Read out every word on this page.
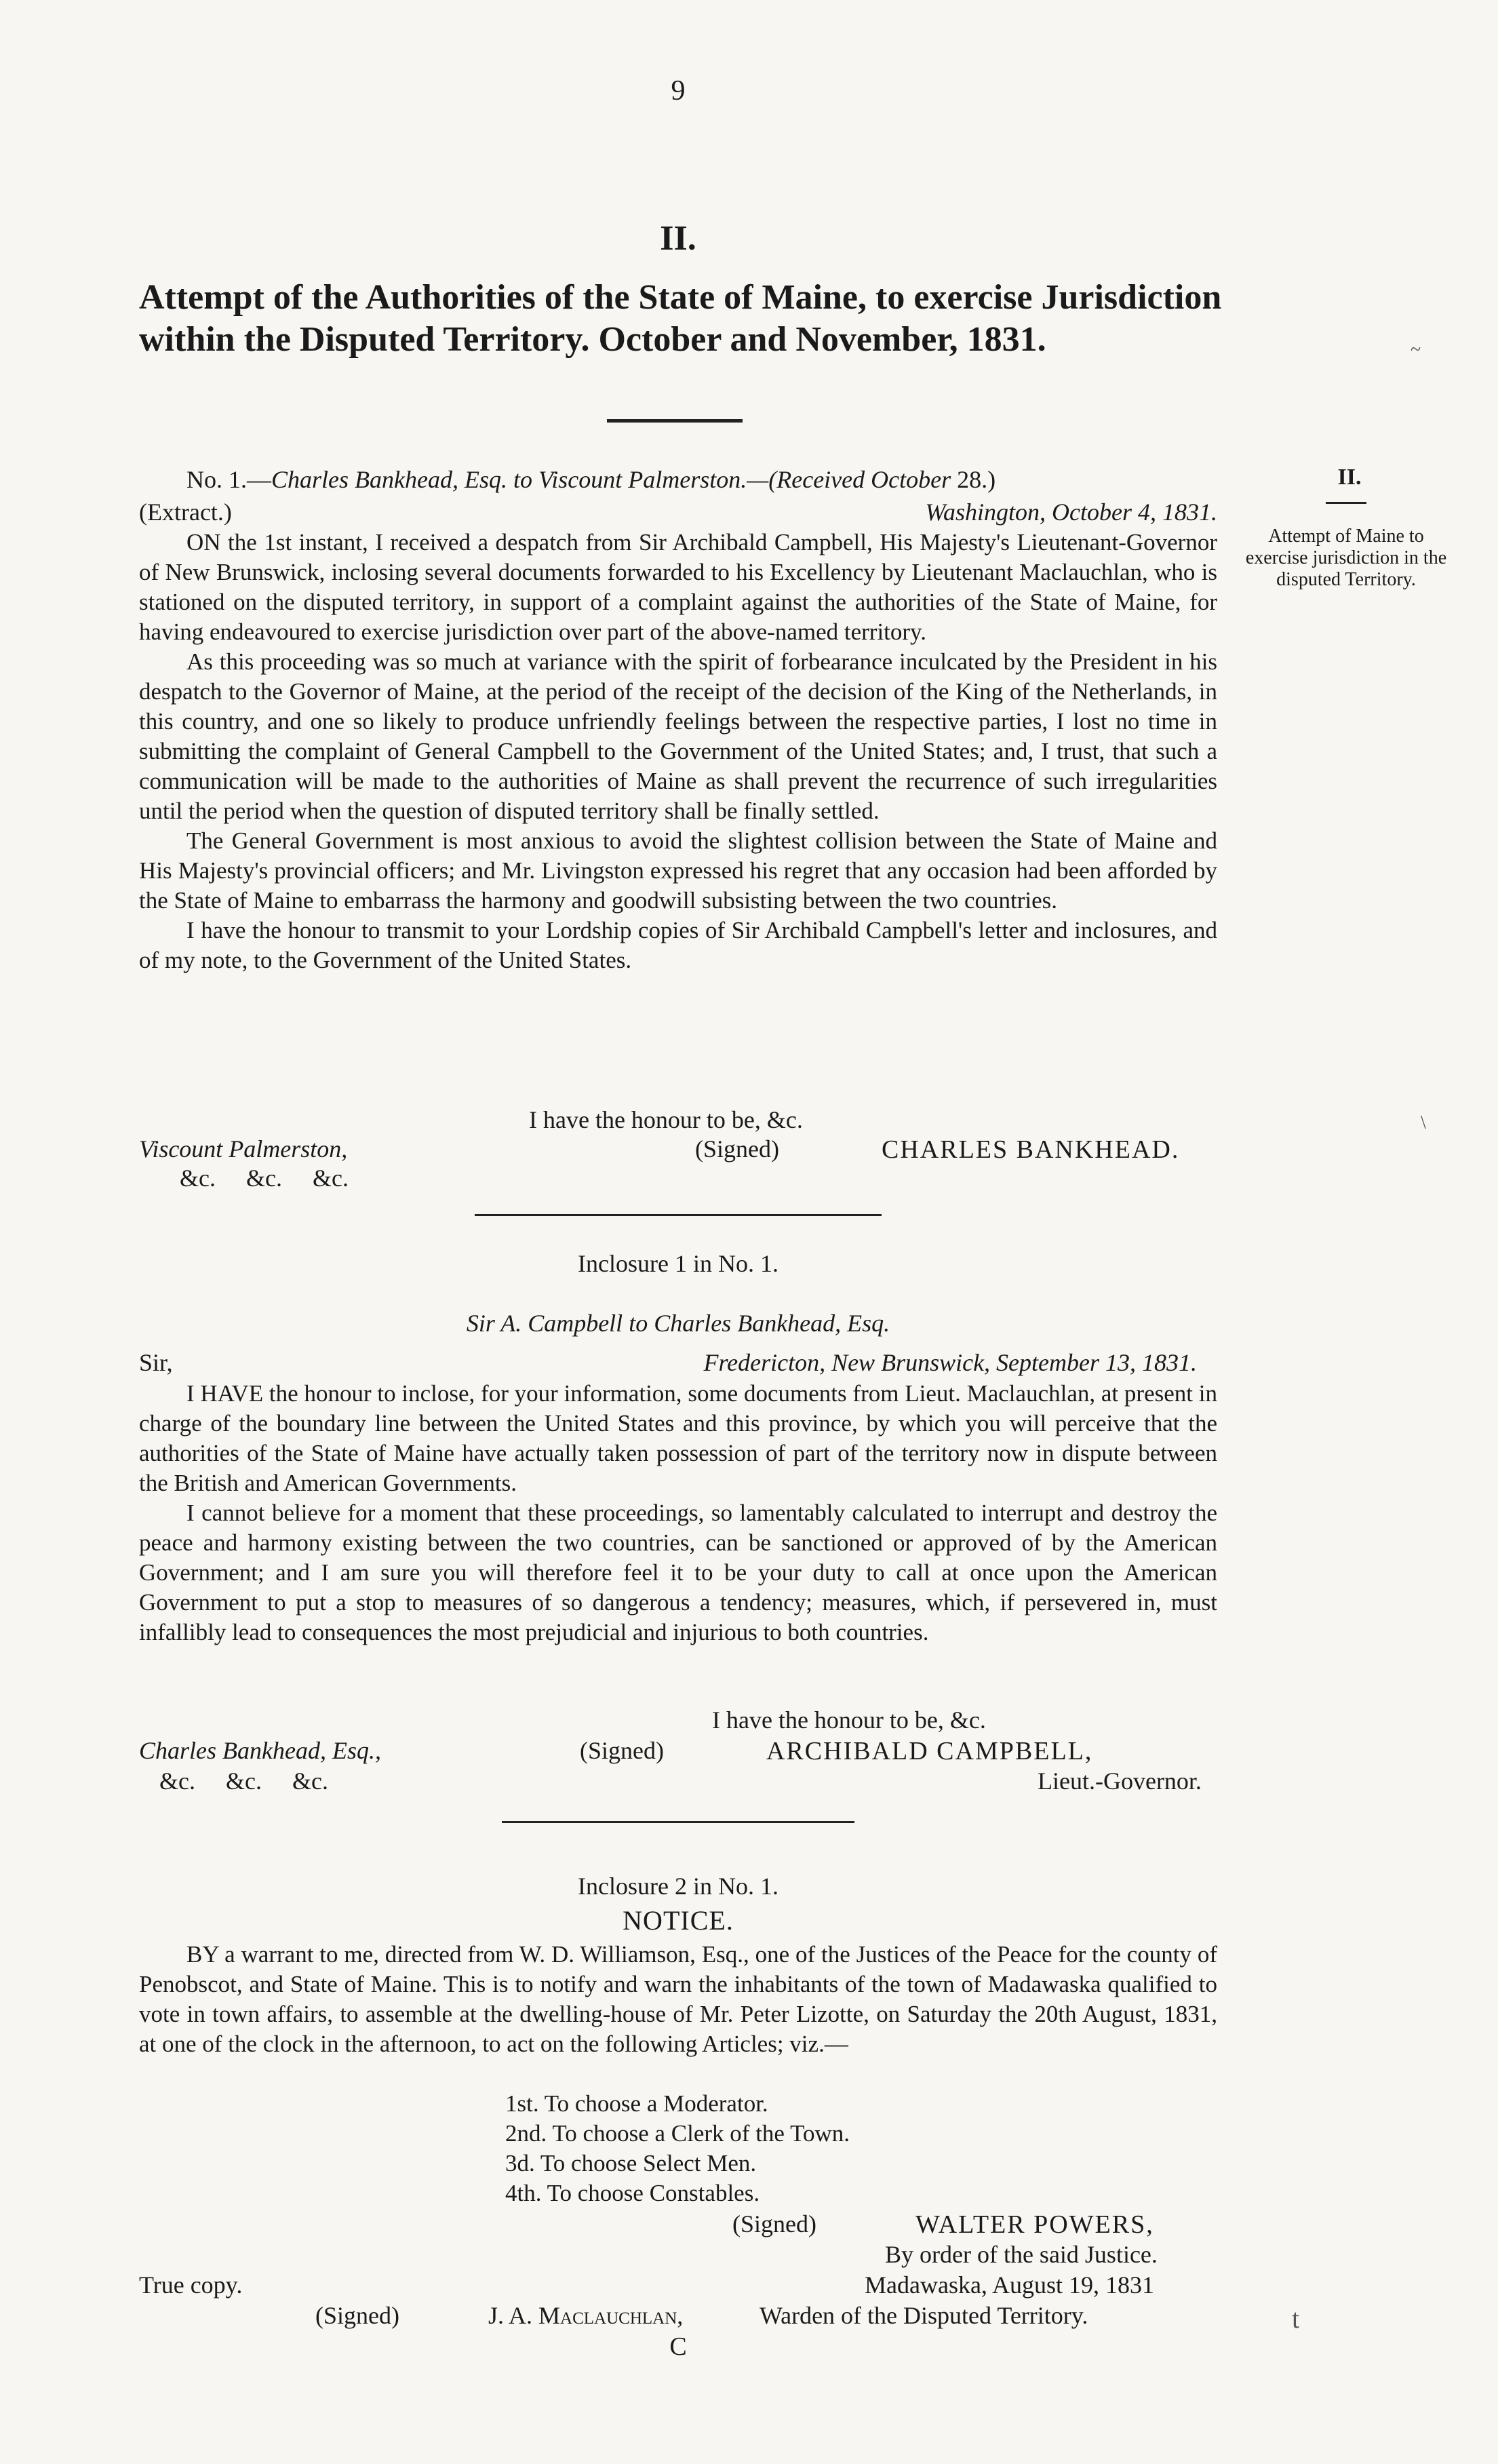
9
II.
Attempt of the Authorities of the State of Maine, to exercise Jurisdiction within the Disputed Territory. October and November, 1831.
II.
Attempt of Maine to exercise jurisdiction in the disputed Territory.
No. 1.—Charles Bankhead, Esq. to Viscount Palmerston.—(Received October 28.)
(Extract.)	Washington, October 4, 1831.
ON the 1st instant, I received a despatch from Sir Archibald Campbell, His Majesty's Lieutenant-Governor of New Brunswick, inclosing several documents forwarded to his Excellency by Lieutenant Maclauchlan, who is stationed on the disputed territory, in support of a complaint against the authorities of the State of Maine, for having endeavoured to exercise jurisdiction over part of the above-named territory.
As this proceeding was so much at variance with the spirit of forbearance inculcated by the President in his despatch to the Governor of Maine, at the period of the receipt of the decision of the King of the Netherlands, in this country, and one so likely to produce unfriendly feelings between the respective parties, I lost no time in submitting the complaint of General Campbell to the Government of the United States; and, I trust, that such a communication will be made to the authorities of Maine as shall prevent the recurrence of such irregularities until the period when the question of disputed territory shall be finally settled.
The General Government is most anxious to avoid the slightest collision between the State of Maine and His Majesty's provincial officers; and Mr. Livingston expressed his regret that any occasion had been afforded by the State of Maine to embarrass the harmony and goodwill subsisting between the two countries.
I have the honour to transmit to your Lordship copies of Sir Archibald Campbell's letter and inclosures, and of my note, to the Government of the United States.
I have the honour to be, &c.
Viscount Palmerston,	(Signed)	CHARLES BANKHEAD.
&c.     &c.     &c.
Inclosure 1 in No. 1.
Sir A. Campbell to Charles Bankhead, Esq.
Sir,	Fredericton, New Brunswick, September 13, 1831.
I HAVE the honour to inclose, for your information, some documents from Lieut. Maclauchlan, at present in charge of the boundary line between the United States and this province, by which you will perceive that the authorities of the State of Maine have actually taken possession of part of the territory now in dispute between the British and American Governments.
I cannot believe for a moment that these proceedings, so lamentably calculated to interrupt and destroy the peace and harmony existing between the two countries, can be sanctioned or approved of by the American Government; and I am sure you will therefore feel it to be your duty to call at once upon the American Government to put a stop to measures of so dangerous a tendency; measures, which, if persevered in, must infallibly lead to consequences the most prejudicial and injurious to both countries.
I have the honour to be, &c.
Charles Bankhead, Esq.,	(Signed)	ARCHIBALD CAMPBELL,
&c.     &c.     &c.	Lieut.-Governor.
Inclosure 2 in No. 1.
NOTICE.
BY a warrant to me, directed from W. D. Williamson, Esq., one of the Justices of the Peace for the county of Penobscot, and State of Maine. This is to notify and warn the inhabitants of the town of Madawaska qualified to vote in town affairs, to assemble at the dwelling-house of Mr. Peter Lizotte, on Saturday the 20th August, 1831, at one of the clock in the afternoon, to act on the following Articles; viz.—
1st. To choose a Moderator.
2nd. To choose a Clerk of the Town.
3d. To choose Select Men.
4th. To choose Constables.
(Signed)	WALTER POWERS,
By order of the said Justice.
True copy.	Madawaska, August 19, 1831
(Signed)	J. A. Maclauchlan,	Warden of the Disputed Territory.
C
~
\
t
